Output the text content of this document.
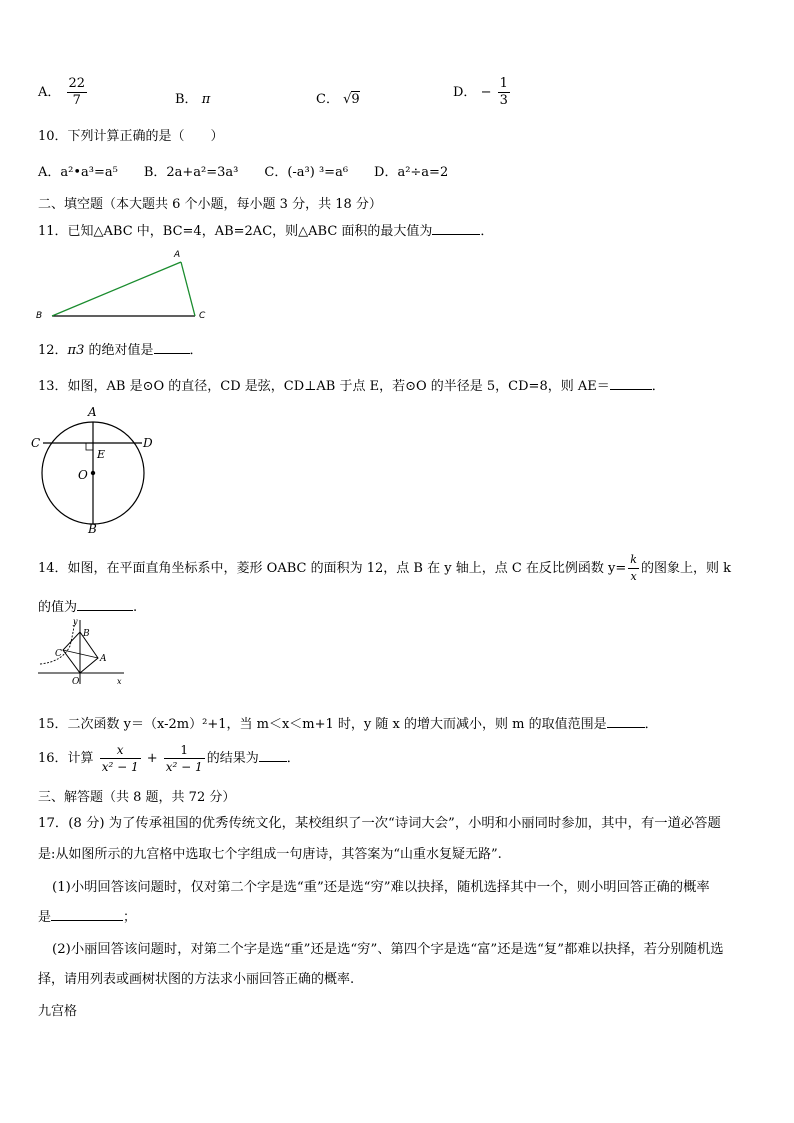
A． $\frac{22}{7}$	B． π	C． √9	D． − $\frac{1}{3}$
10．下列计算正确的是（　　）
A．a²•a³=a⁵　　B．2a+a²=3a³　　C．(-a³) ³=a⁶　　D．a²÷a=2
二、填空题（本大题共 6 个小题，每小题 3 分，共 18 分）
11．已知△ABC 中，BC=4，AB=2AC，则△ABC 面积的最大值为	．
A
B	C
12．π3 的绝对值是	．
13．如图，AB 是⊙O 的直径，CD 是弦，CD⊥AB 于点 E，若⊙O 的半径是 5，CD=8，则 AE＝	．
A
B
C	D
E
O
14．如图，在平面直角坐标系中，菱形 OABC 的面积为 12，点 B 在 y 轴上，点 C 在反比例函数 $y= \frac{k}{x}$ 的图象上，则 k
的值为	.
y
B
C	A
O	x
15．二次函数 y＝（x-2m）²+1，当 m＜x＜m+1 时，y 随 x 的增大而减小，则 m 的取值范围是	．
16．计算 $\frac{x}{\text{x² − 1}} + \frac{1}{\text{x² − 1}}$ 的结果为 ．
三、解答题（共 8 题，共 72 分）
17．(8 分) 为了传承祖国的优秀传统文化，某校组织了一次“诗词大会”，小明和小丽同时参加，其中，有一道必答题
是:从如图所示的九宫格中选取七个字组成一句唐诗，其答案为“山重水复疑无路”.
(1)小明回答该问题时，仅对第二个字是选“重”还是选“穷”难以抉择，随机选择其中一个，则小明回答正确的概率
是	；
(2)小丽回答该问题时，对第二个字是选“重”还是选“穷”、第四个字是选“富”还是选“复”都难以抉择，若分别随机选
择，请用列表或画树状图的方法求小丽回答正确的概率.
九宫格
